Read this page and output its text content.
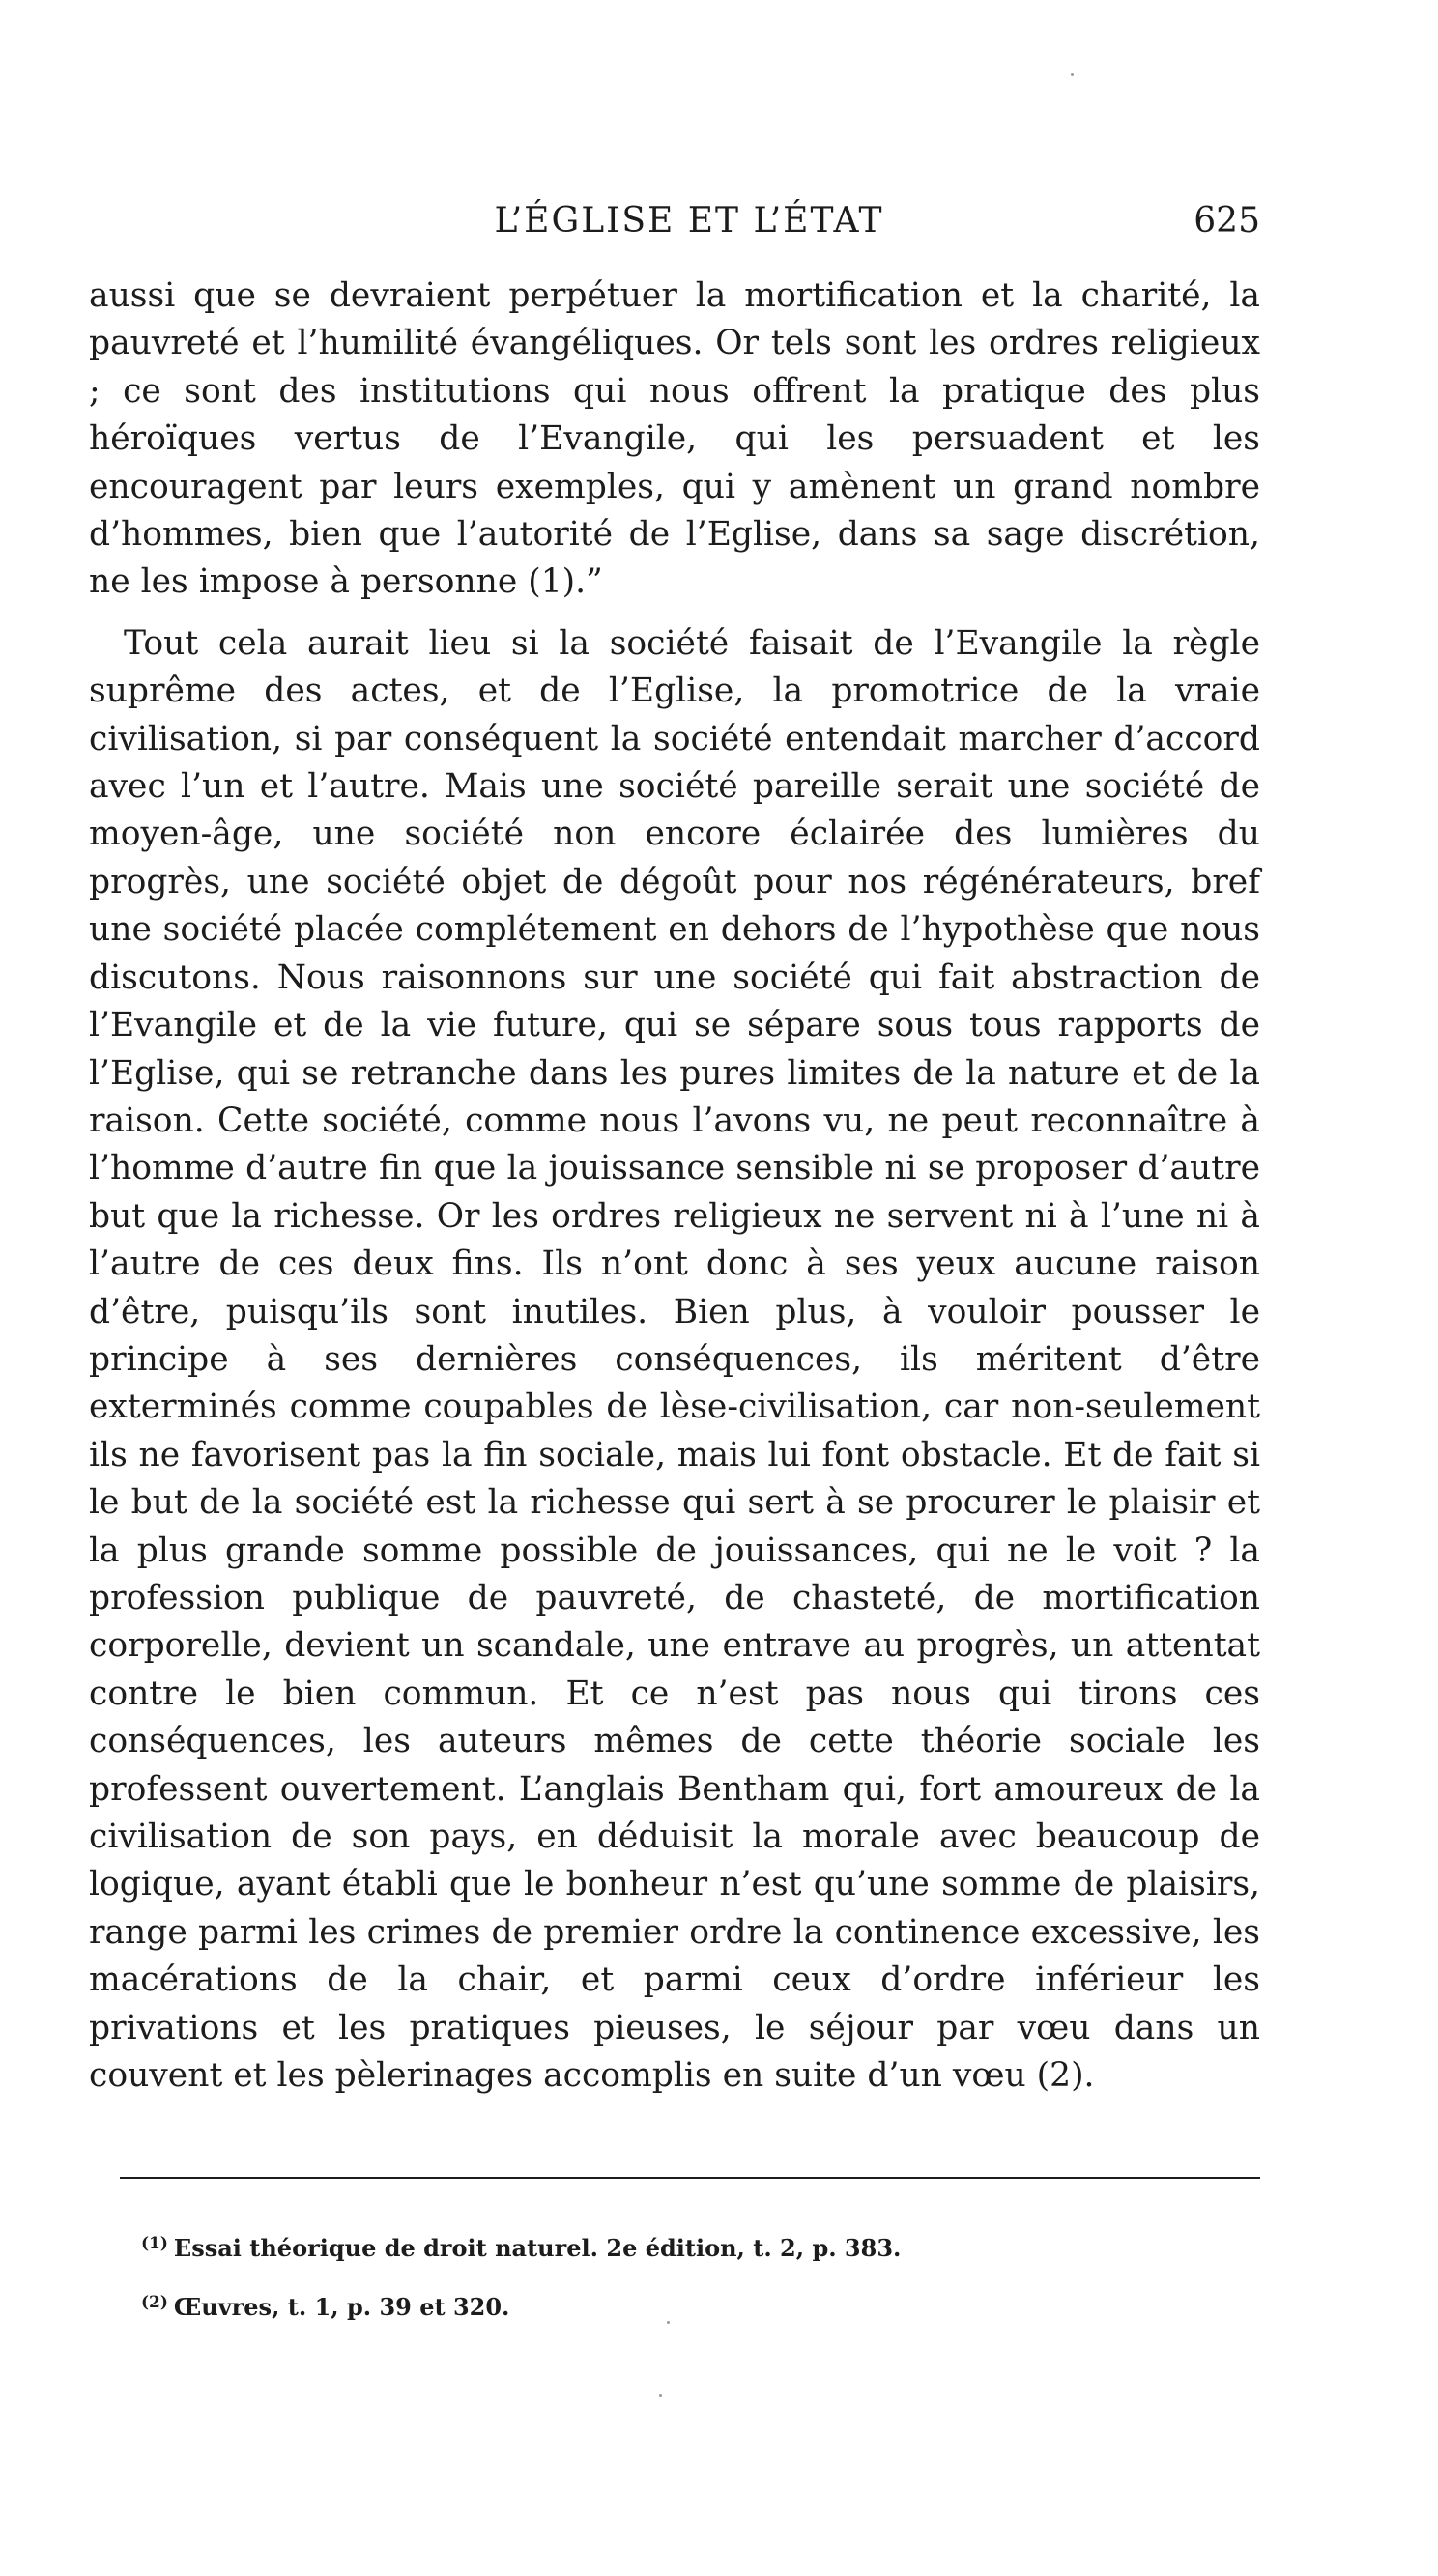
L’ÉGLISE ET L’ÉTAT	625

aussi que se devraient perpétuer la mortification et la charité, la pauvreté et l’humilité évangéliques. Or tels sont les ordres religieux ; ce sont des institutions qui nous offrent la pratique des plus héroïques vertus de l’Evangile, qui les persuadent et les encouragent par leurs exemples, qui y amènent un grand nombre d’hommes, bien que l’autorité de l’Eglise, dans sa sage discrétion, ne les impose à personne (1).”

Tout cela aurait lieu si la société faisait de l’Evangile la règle suprême des actes, et de l’Eglise, la promotrice de la vraie civilisation, si par conséquent la société entendait marcher d’accord avec l’un et l’autre. Mais une société pareille serait une société de moyen-âge, une société non encore éclairée des lumières du progrès, une société objet de dégoût pour nos régénérateurs, bref une société placée complétement en dehors de l’hypothèse que nous discutons. Nous raisonnons sur une société qui fait abstraction de l’Evangile et de la vie future, qui se sépare sous tous rapports de l’Eglise, qui se retranche dans les pures limites de la nature et de la raison. Cette société, comme nous l’avons vu, ne peut reconnaître à l’homme d’autre fin que la jouissance sensible ni se proposer d’autre but que la richesse. Or les ordres religieux ne servent ni à l’une ni à l’autre de ces deux fins. Ils n’ont donc à ses yeux aucune raison d’être, puisqu’ils sont inutiles. Bien plus, à vouloir pousser le principe à ses dernières conséquences, ils méritent d’être exterminés comme coupables de lèse-civilisation, car non-seulement ils ne favorisent pas la fin sociale, mais lui font obstacle. Et de fait si le but de la société est la richesse qui sert à se procurer le plaisir et la plus grande somme possible de jouissances, qui ne le voit ? la profession publique de pauvreté, de chasteté, de mortification corporelle, devient un scandale, une entrave au progrès, un attentat contre le bien commun. Et ce n’est pas nous qui tirons ces conséquences, les auteurs mêmes de cette théorie sociale les professent ouvertement. L’anglais Bentham qui, fort amoureux de la civilisation de son pays, en déduisit la morale avec beaucoup de logique, ayant établi que le bonheur n’est qu’une somme de plaisirs, range parmi les crimes de premier ordre la continence excessive, les macérations de la chair, et parmi ceux d’ordre inférieur les privations et les pratiques pieuses, le séjour par vœu dans un couvent et les pèlerinages accomplis en suite d’un vœu (2).

$^{(1)}$ Essai théorique de droit naturel. 2e édition, t. 2, p. 383.

$^{(2)}$ Œuvres, t. 1, p. 39 et 320.
